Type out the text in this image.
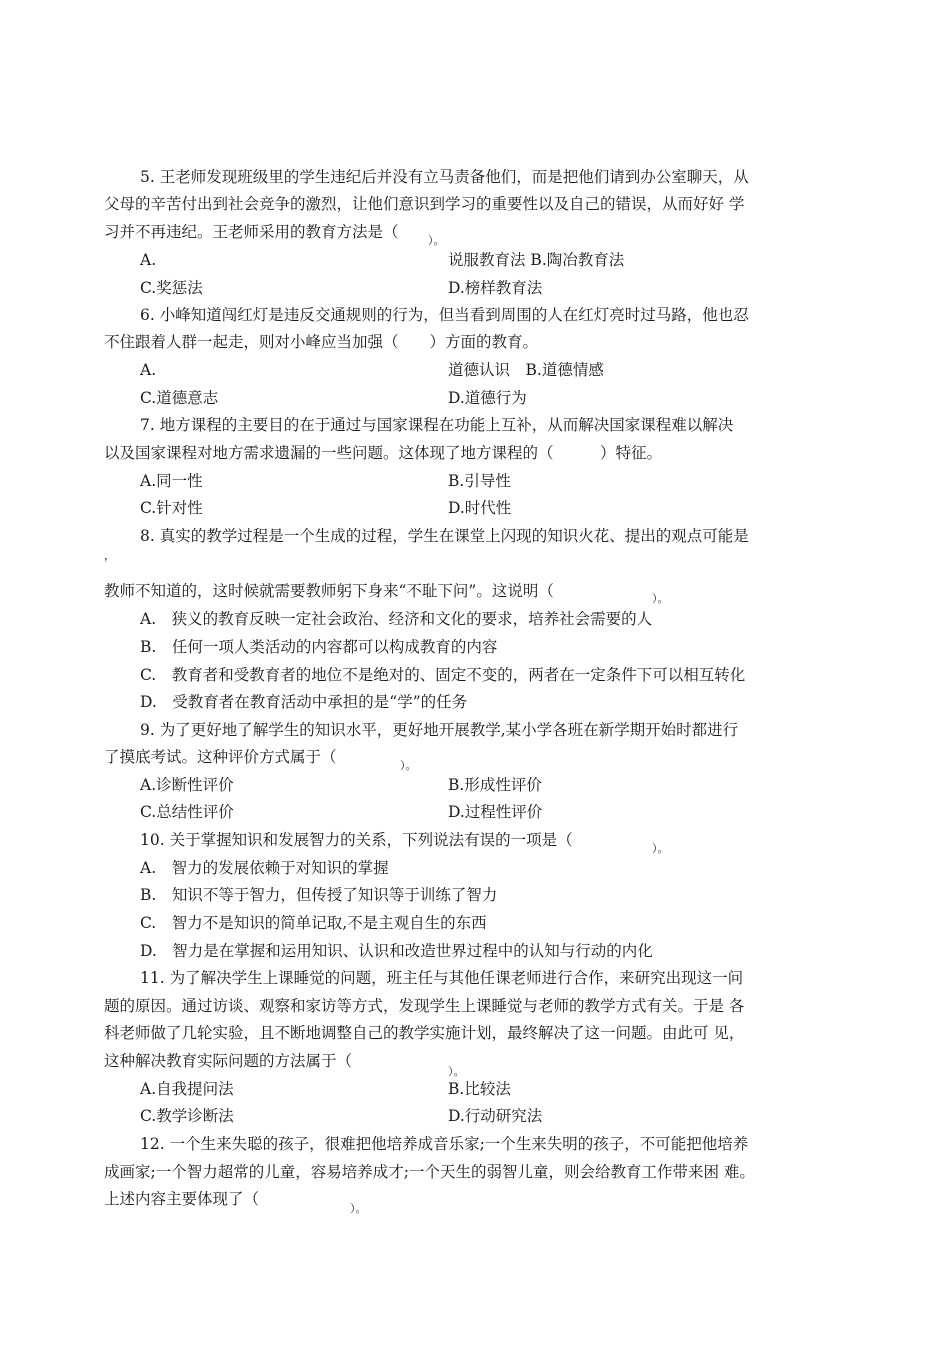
5. 王老师发现班级里的学生违纪后并没有立马责备他们，而是把他们请到办公室聊天，从
父母的辛苦付出到社会竞争的激烈，让他们意识到学习的重要性以及自己的错误，从而好好 学
习并不再违纪。王老师采用的教育方法是（	）。
A.	说服教育法 B.陶冶教育法
C.奖惩法	D.榜样教育法
6. 小峰知道闯红灯是违反交通规则的行为，但当看到周围的人在红灯亮时过马路，他也忍
不住跟着人群一起走，则对小峰应当加强（　　）方面的教育。
A.	道德认识　B.道德情感
C.道德意志	D.道德行为
7. 地方课程的主要目的在于通过与国家课程在功能上互补，从而解决国家课程难以解决
以及国家课程对地方需求遗漏的一些问题。这体现了地方课程的（　　　）特征。
A.同一性	B.引导性
C.针对性	D.时代性
8. 真实的教学过程是一个生成的过程，学生在课堂上闪现的知识火花、提出的观点可能是
，
教师不知道的，这时候就需要教师躬下身来“不耻下问”。这说明（	）。
A.　狭义的教育反映一定社会政治、经济和文化的要求，培养社会需要的人
B.　任何一项人类活动的内容都可以构成教育的内容
C.　教育者和受教育者的地位不是绝对的、固定不变的，两者在一定条件下可以相互转化
D.　受教育者在教育活动中承担的是“学”的任务
9. 为了更好地了解学生的知识水平，更好地开展教学,某小学各班在新学期开始时都进行
了摸底考试。这种评价方式属于（	）。
A.诊断性评价	B.形成性评价
C.总结性评价	D.过程性评价
10. 关于掌握知识和发展智力的关系，下列说法有误的一项是（	）。
A.　智力的发展依赖于对知识的掌握
B.　知识不等于智力，但传授了知识等于训练了智力
C.　智力不是知识的简单记取,不是主观自生的东西
D.　智力是在掌握和运用知识、认识和改造世界过程中的认知与行动的内化
11. 为了解决学生上课睡觉的问题，班主任与其他任课老师进行合作，来研究出现这一问
题的原因。通过访谈、观察和家访等方式，发现学生上课睡觉与老师的教学方式有关。于是 各
科老师做了几轮实验，且不断地调整自己的教学实施计划，最终解决了这一问题。由此可 见，
这种解决教育实际问题的方法属于（
）。
A.自我提问法	B.比较法
C.教学诊断法	D.行动研究法
12. 一个生来失聪的孩子，很难把他培养成音乐家;一个生来失明的孩子，不可能把他培养
成画家;一个智力超常的儿童，容易培养成才;一个天生的弱智儿童，则会给教育工作带来困 难。
上述内容主要体现了（
）。
